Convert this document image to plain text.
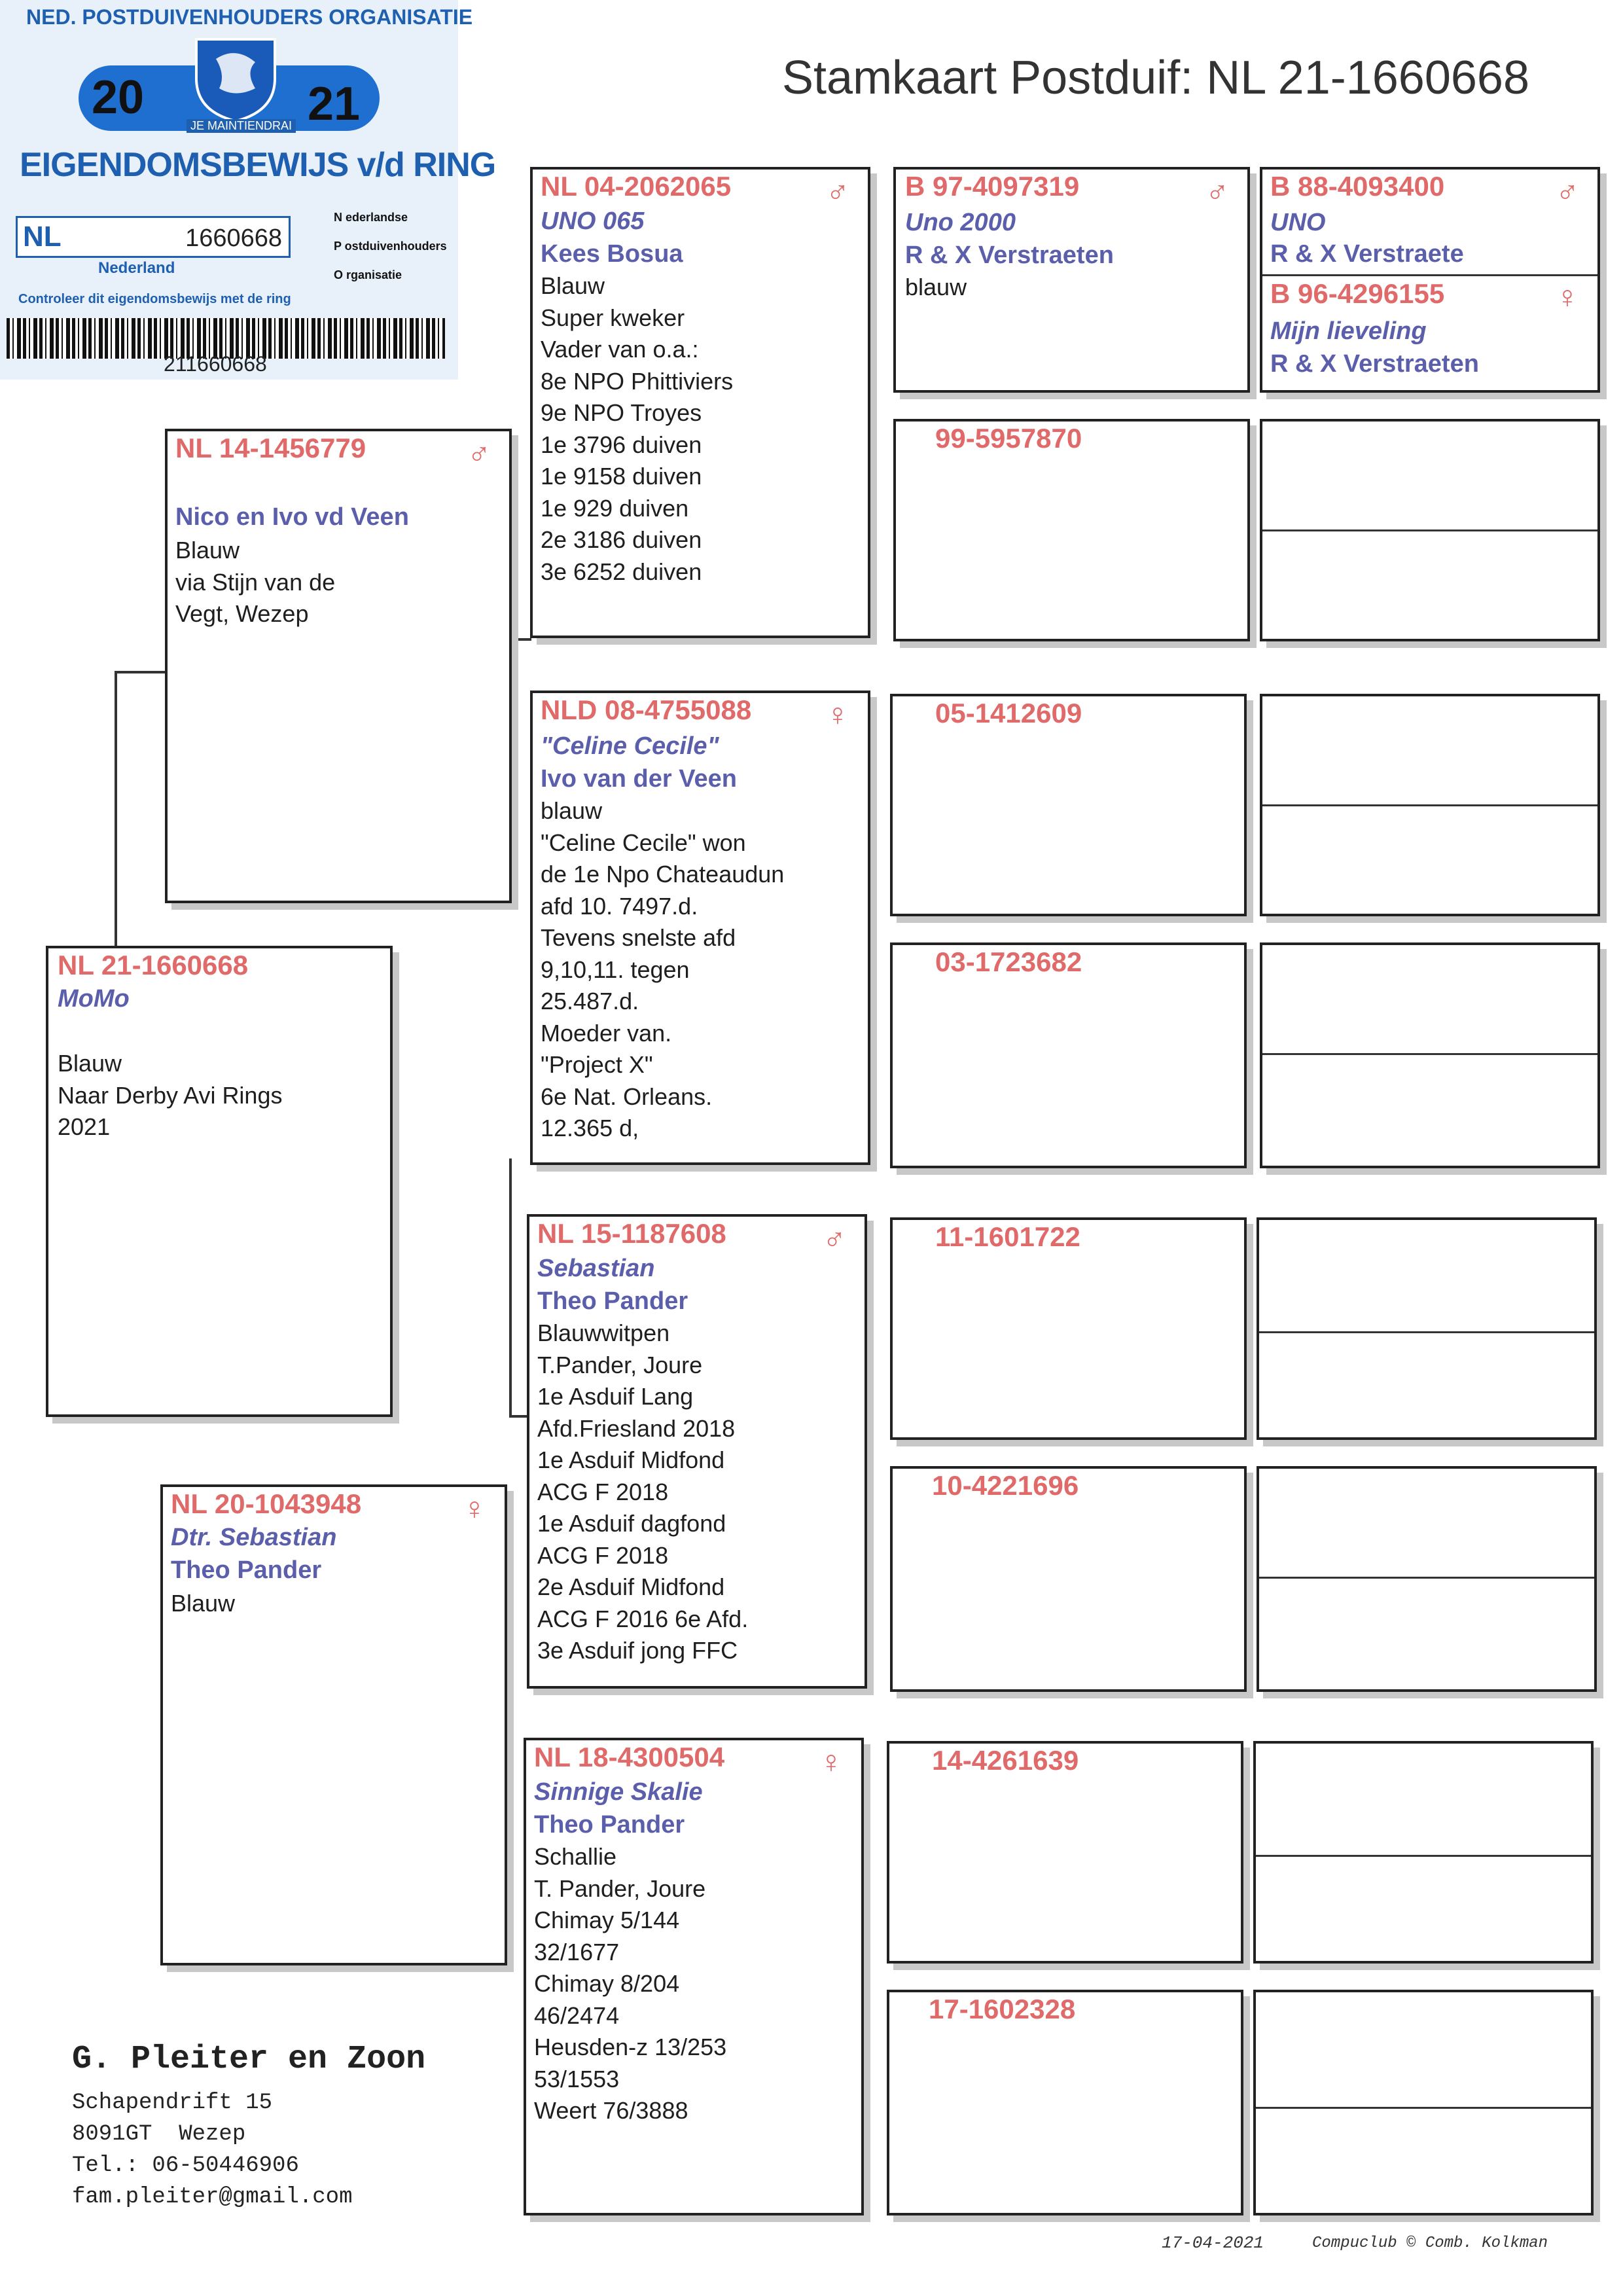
NED. POSTDUIVENHOUDERS ORGANISATIE
20	21
JE MAINTIENDRAI
EIGENDOMSBEWIJS v/d RING
NL	1660668
Nederland
N ederlandse
P ostduivenhouders
O rganisatie
Controleer dit eigendomsbewijs met de ring
211660668
Stamkaart Postduif: NL 21-1660668
NL 21-1660668
MoMo
Blauw
Naar Derby Avi Rings
2021
NL 14-1456779	♂
Nico en Ivo vd Veen
Blauw
via Stijn van de
Vegt, Wezep
NL 20-1043948	♀
Dtr. Sebastian
Theo Pander
Blauw
NL 04-2062065	♂
UNO 065
Kees Bosua
Blauw
Super kweker
Vader van o.a.:
8e NPO Phittiviers
9e NPO Troyes
1e 3796 duiven
1e 9158 duiven
1e 929 duiven
2e 3186 duiven
3e 6252 duiven
NLD 08-4755088 ♀
"Celine Cecile"
Ivo van der Veen
blauw
"Celine Cecile" won
de 1e Npo Chateaudun
afd 10. 7497.d.
Tevens snelste afd
9,10,11. tegen
25.487.d.
Moeder van.
"Project X"
6e Nat. Orleans.
12.365 d,
NL 15-1187608	♂
Sebastian
Theo Pander
Blauwwitpen
T.Pander, Joure
1e Asduif Lang
Afd.Friesland 2018
1e Asduif Midfond
ACG F 2018
1e Asduif dagfond
ACG F 2018
2e Asduif Midfond
ACG F 2016 6e Afd.
3e Asduif jong FFC
NL 18-4300504	♀
Sinnige Skalie
Theo Pander
Schallie
T. Pander, Joure
Chimay 5/144
32/1677
Chimay 8/204
46/2474
Heusden-z 13/253
53/1553
Weert 76/3888
B 97-4097319	♂
Uno 2000
R & X Verstraeten
blauw
99-5957870
05-1412609
03-1723682
11-1601722
10-4221696
14-4261639
17-1602328
B 88-4093400	♂
UNO
R & X Verstraete
B 96-4296155	♀
Mijn lieveling
R & X Verstraeten
G. Pleiter en Zoon
Schapendrift 15
8091GT  Wezep
Tel.: 06-50446906
fam.pleiter@gmail.com
17-04-2021	Compuclub © Comb. Kolkman
